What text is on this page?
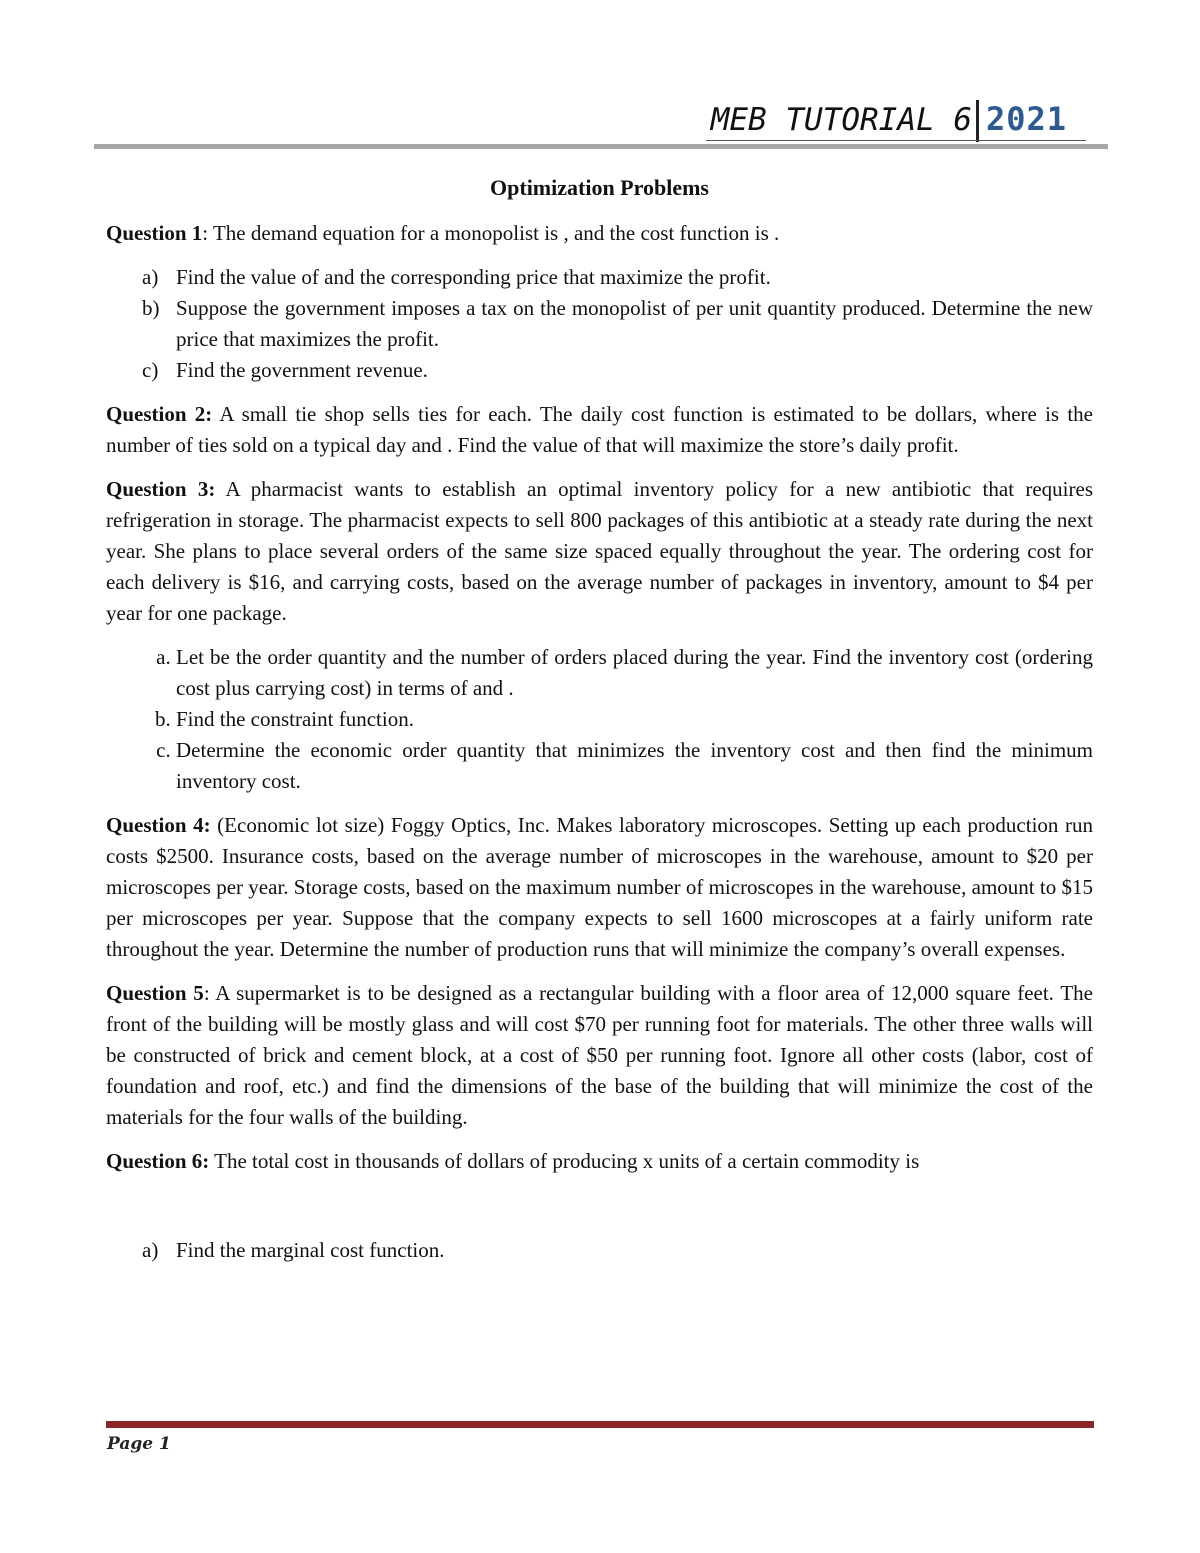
MEB TUTORIAL 6 2021
Optimization Problems

Question 1: The demand equation for a monopolist is , and the cost function is .

a) Find the value of and the corresponding price that maximize the profit.
b) Suppose the government imposes a tax on the monopolist of per unit quantity produced. Determine the new price that maximizes the profit.
c) Find the government revenue.

Question 2: A small tie shop sells ties for each. The daily cost function is estimated to be dollars, where is the number of ties sold on a typical day and . Find the value of that will maximize the store’s daily profit.

Question 3: A pharmacist wants to establish an optimal inventory policy for a new antibiotic that requires refrigeration in storage. The pharmacist expects to sell 800 packages of this antibiotic at a steady rate during the next year. She plans to place several orders of the same size spaced equally throughout the year. The ordering cost for each delivery is $16, and carrying costs, based on the average number of packages in inventory, amount to $4 per year for one package.

a. Let be the order quantity and the number of orders placed during the year. Find the inventory cost (ordering cost plus carrying cost) in terms of and .
b. Find the constraint function.
c. Determine the economic order quantity that minimizes the inventory cost and then find the minimum inventory cost.

Question 4: (Economic lot size) Foggy Optics, Inc. Makes laboratory microscopes. Setting up each production run costs $2500. Insurance costs, based on the average number of microscopes in the warehouse, amount to $20 per microscopes per year. Storage costs, based on the maximum number of microscopes in the warehouse, amount to $15 per microscopes per year. Suppose that the company expects to sell 1600 microscopes at a fairly uniform rate throughout the year. Determine the number of production runs that will minimize the company’s overall expenses.

Question 5: A supermarket is to be designed as a rectangular building with a floor area of 12,000 square feet. The front of the building will be mostly glass and will cost $70 per running foot for materials. The other three walls will be constructed of brick and cement block, at a cost of $50 per running foot. Ignore all other costs (labor, cost of foundation and roof, etc.) and find the dimensions of the base of the building that will minimize the cost of the materials for the four walls of the building.

Question 6: The total cost in thousands of dollars of producing x units of a certain commodity is

a) Find the marginal cost function.
Page 1
